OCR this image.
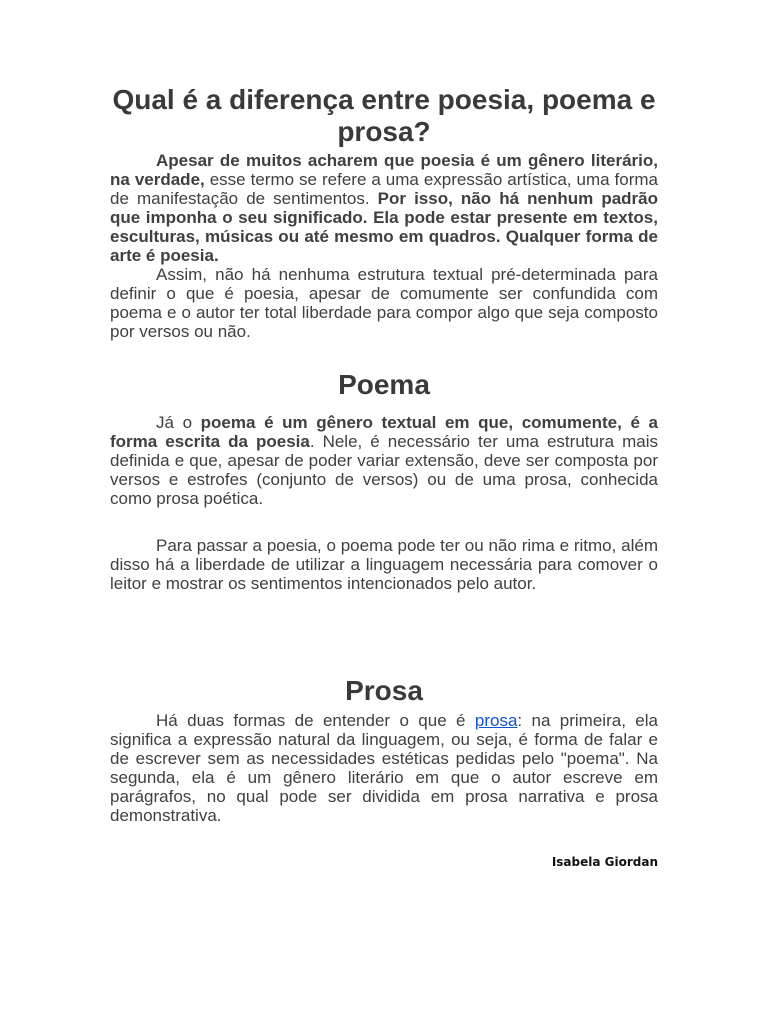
Qual é a diferença entre poesia, poema e prosa?

Apesar de muitos acharem que poesia é um gênero literário, na verdade, esse termo se refere a uma expressão artística, uma forma de manifestação de sentimentos. Por isso, não há nenhum padrão que imponha o seu significado. Ela pode estar presente em textos, esculturas, músicas ou até mesmo em quadros. Qualquer forma de arte é poesia.

Assim, não há nenhuma estrutura textual pré-determinada para definir o que é poesia, apesar de comumente ser confundida com poema e o autor ter total liberdade para compor algo que seja composto por versos ou não.

Poema

Já o poema é um gênero textual em que, comumente, é a forma escrita da poesia. Nele, é necessário ter uma estrutura mais definida e que, apesar de poder variar extensão, deve ser composta por versos e estrofes (conjunto de versos) ou de uma prosa, conhecida como prosa poética.

Para passar a poesia, o poema pode ter ou não rima e ritmo, além disso há a liberdade de utilizar a linguagem necessária para comover o leitor e mostrar os sentimentos intencionados pelo autor.

Prosa

Há duas formas de entender o que é prosa: na primeira, ela significa a expressão natural da linguagem, ou seja, é forma de falar e de escrever sem as necessidades estéticas pedidas pelo "poema". Na segunda, ela é um gênero literário em que o autor escreve em parágrafos, no qual pode ser dividida em prosa narrativa e prosa demonstrativa.

Isabela Giordan
